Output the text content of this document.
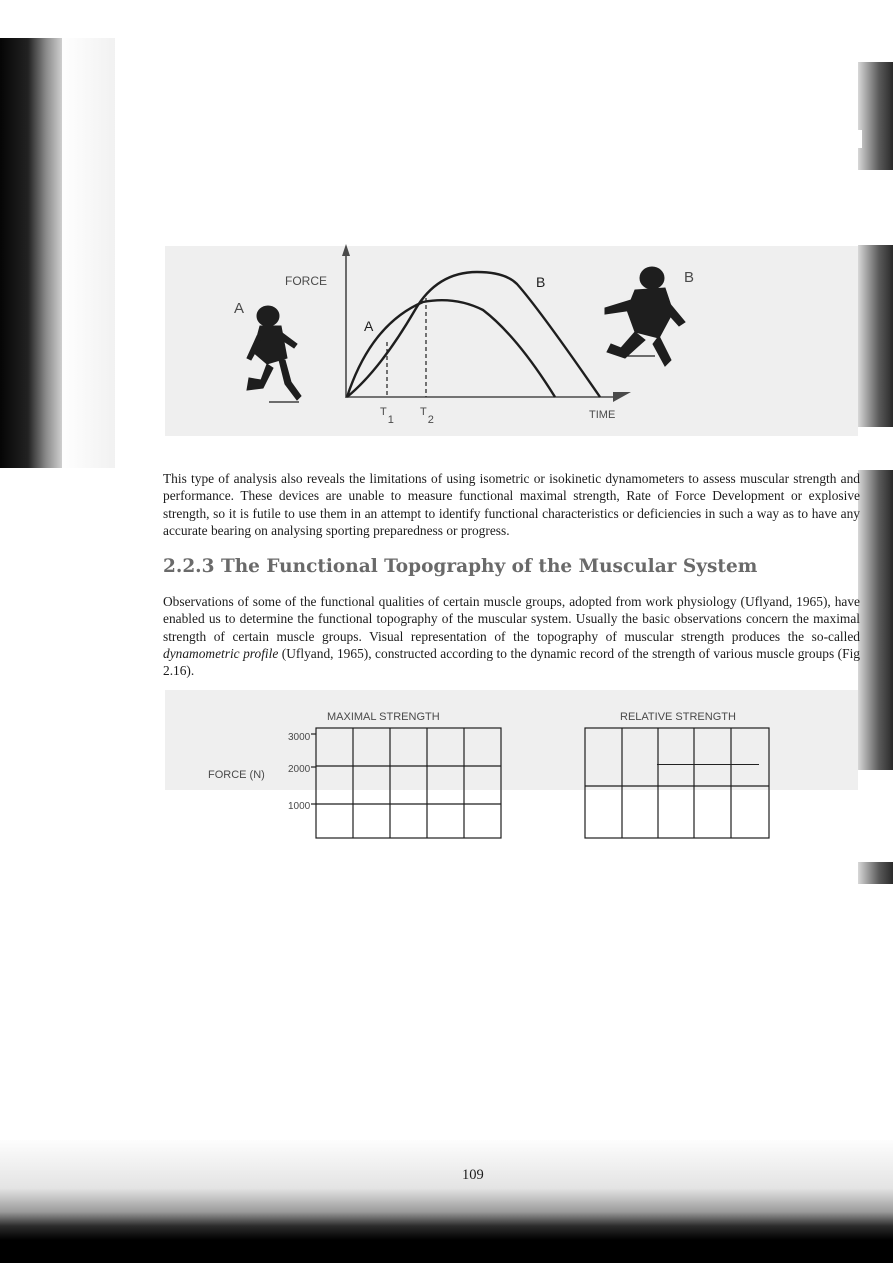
A
B
FORCE
TIME
A
B
T1
T2

This type of analysis also reveals the limitations of using isometric or isokinetic dynamometers to assess muscular strength and performance. These devices are unable to measure functional maximal strength, Rate of Force Development or explosive strength, so it is futile to use them in an attempt to identify functional characteristics or deficiencies in such a way as to have any accurate bearing on analysing sporting preparedness or progress.

2.2.3 The Functional Topography of the Muscular System

Observations of some of the functional qualities of certain muscle groups, adopted from work physiology (Uflyand, 1965), have enabled us to determine the functional topography of the muscular system. Usually the basic observations concern the maximal strength of certain muscle groups. Visual representation of the topography of muscular strength produces the so-called dynamometric profile (Uflyand, 1965), constructed according to the dynamic record of the strength of various muscle groups (Fig 2.16).

MAXIMAL STRENGTH	RELATIVE STRENGTH
FORCE (N)
3000
2000
1000
109
